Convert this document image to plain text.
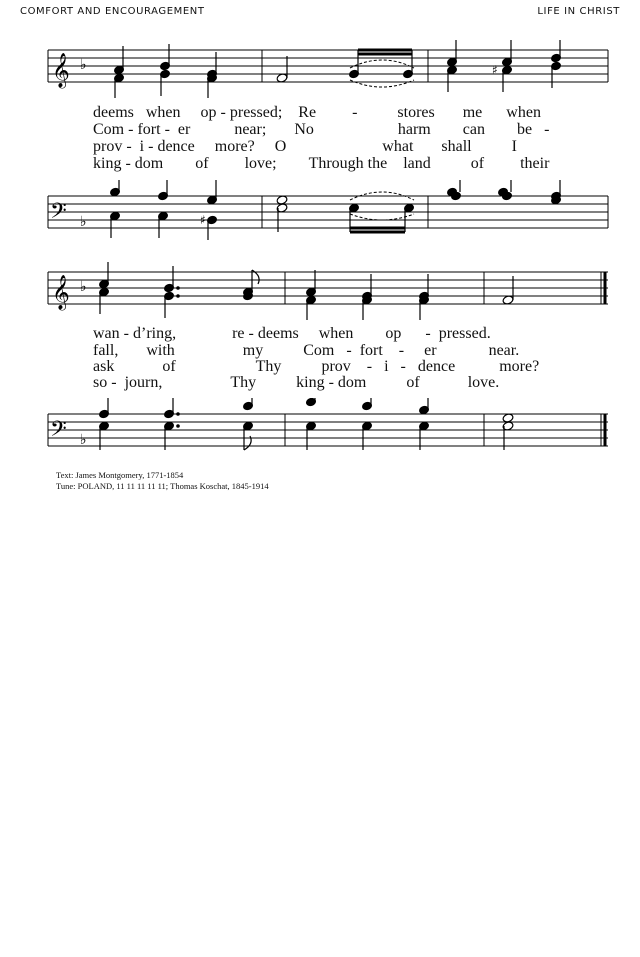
COMFORT AND ENCOURAGEMENT	LIFE IN CHRIST
𝄞 ♭	♯
deems when op - pressed; Re -	stores me when
Com - fort - er	near; No	harm can be -
prov - i - dence more? O	what shall	I
king - dom of love; Through the land	of their
𝄢 ♭	♯
𝄞 ♭
wan - d’ring,	re - deems when op - pressed.
fall, with	my	Com - fort - er	near.
ask	of	Thy	prov - i - dence	more?
so - journ,	Thy	king - dom	of	love.
𝄢 ♭
Text: James Montgomery, 1771-1854
Tune: POLAND, 11 11 11 11 11; Thomas Koschat, 1845-1914
